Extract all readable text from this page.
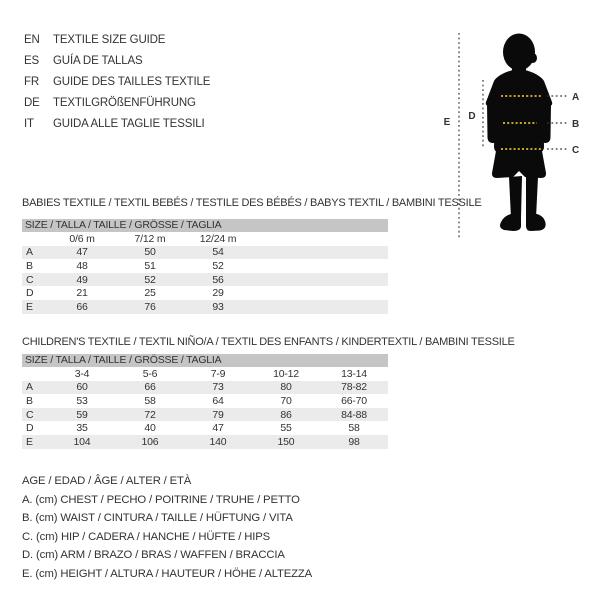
EN	TEXTILE SIZE GUIDE
ES	GUÍA DE TALLAS
FR	GUIDE DES TAILLES TEXTILE
DE	TEXTILGRÖßENFÜHRUNG
IT	GUIDA ALLE TAGLIE TESSILI	E
D
A
B
C
BABIES TEXTILE / TEXTIL BEBÉS / TESTILE DES BÉBÉS / BABYS TEXTIL / BAMBINI TESSILE
SIZE / TALLA / TAILLE / GRÖSSE / TAGLIA
0/6 m	7/12 m	12/24 m
A	47	50	54
B	48	51	52
C	49	52	56
D	21	25	29
E	66	76	93
CHILDREN'S TEXTILE / TEXTIL NIÑO/A / TEXTIL DES ENFANTS / KINDERTEXTIL / BAMBINI TESSILE
SIZE / TALLA / TAILLE / GRÖSSE / TAGLIA
3-4	5-6	7-9	10-12	13-14
A	60	66	73	80	78-82
B	53	58	64	70	66-70
C	59	72	79	86	84-88
D	35	40	47	55	58
E	104	106	140	150	98
AGE / EDAD / ÂGE / ALTER / ETÀ
A. (cm) CHEST / PECHO / POITRINE / TRUHE / PETTO
B. (cm) WAIST / CINTURA / TAILLE / HÜFTUNG / VITA
C. (cm) HIP / CADERA / HANCHE / HÜFTE / HIPS
D. (cm) ARM / BRAZO / BRAS / WAFFEN / BRACCIA
E. (cm) HEIGHT / ALTURA / HAUTEUR / HÖHE / ALTEZZA
